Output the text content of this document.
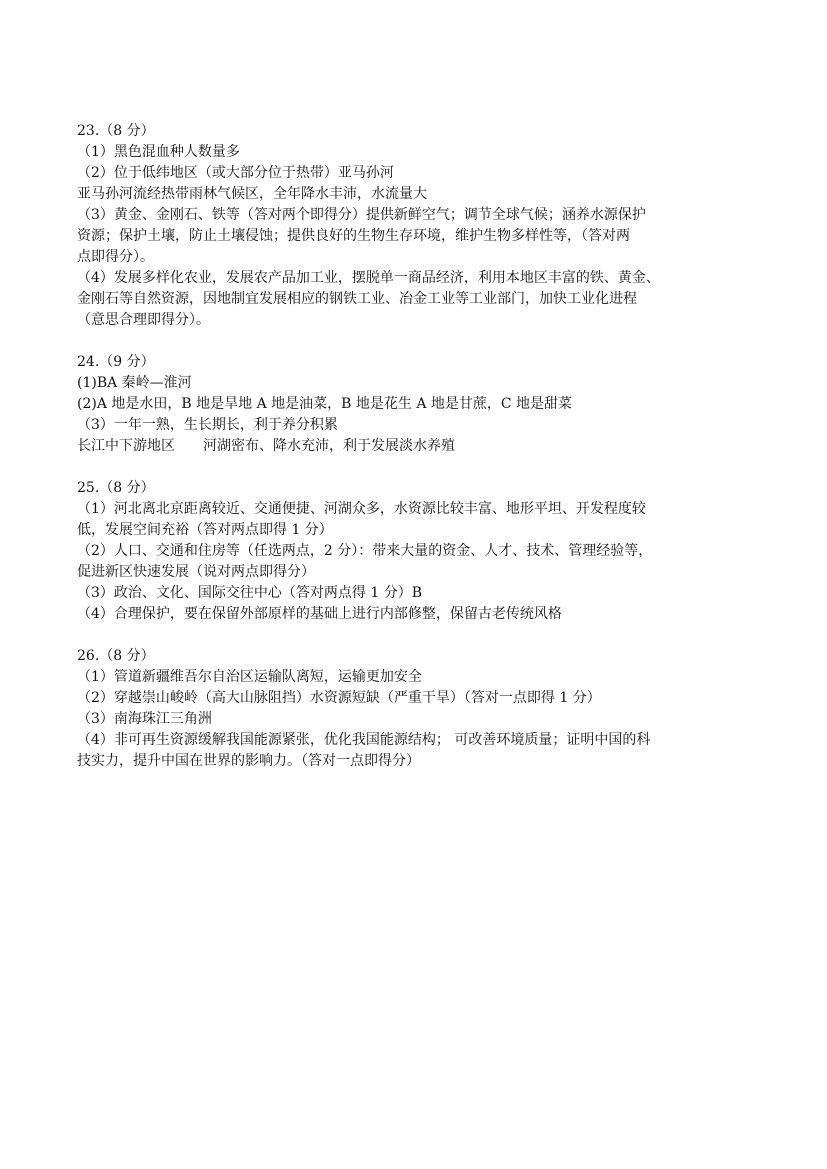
23.（8 分）
（1）黑色混血种人数量多
（2）位于低纬地区（或大部分位于热带）亚马孙河
亚马孙河流经热带雨林气候区，全年降水丰沛，水流量大
（3）黄金、金刚石、铁等（答对两个即得分）提供新鲜空气；调节全球气候；涵养水源保护
资源；保护土壤，防止土壤侵蚀；提供良好的生物生存环境，维护生物多样性等，（答对两
点即得分）。
（4）发展多样化农业，发展农产品加工业，摆脱单一商品经济，利用本地区丰富的铁、黄金、
金刚石等自然资源，因地制宜发展相应的钢铁工业、冶金工业等工业部门，加快工业化进程
（意思合理即得分）。
24.（9 分）
(1)BA 秦岭—淮河
(2)A 地是水田，B 地是旱地 A 地是油菜，B 地是花生 A 地是甘蔗，C 地是甜菜
（3）一年一熟，生长期长，利于养分积累
长江中下游地区　　河湖密布、降水充沛，利于发展淡水养殖
25.（8 分）
（1）河北离北京距离较近、交通便捷、河湖众多，水资源比较丰富、地形平坦、开发程度较
低，发展空间充裕（答对两点即得 1 分）
（2）人口、交通和住房等（任选两点，2 分）：带来大量的资金、人才、技术、管理经验等，
促进新区快速发展（说对两点即得分）
（3）政治、文化、国际交往中心（答对两点得 1 分）B
（4）合理保护，要在保留外部原样的基础上进行内部修整，保留古老传统风格
26.（8 分）
（1）管道新疆维吾尔自治区运输队离短，运输更加安全
（2）穿越崇山峻岭（高大山脉阻挡）水资源短缺（严重干旱）（答对一点即得 1 分）
（3）南海珠江三角洲
（4）非可再生资源缓解我国能源紧张，优化我国能源结构； 可改善环境质量；证明中国的科
技实力，提升中国在世界的影响力。（答对一点即得分）
